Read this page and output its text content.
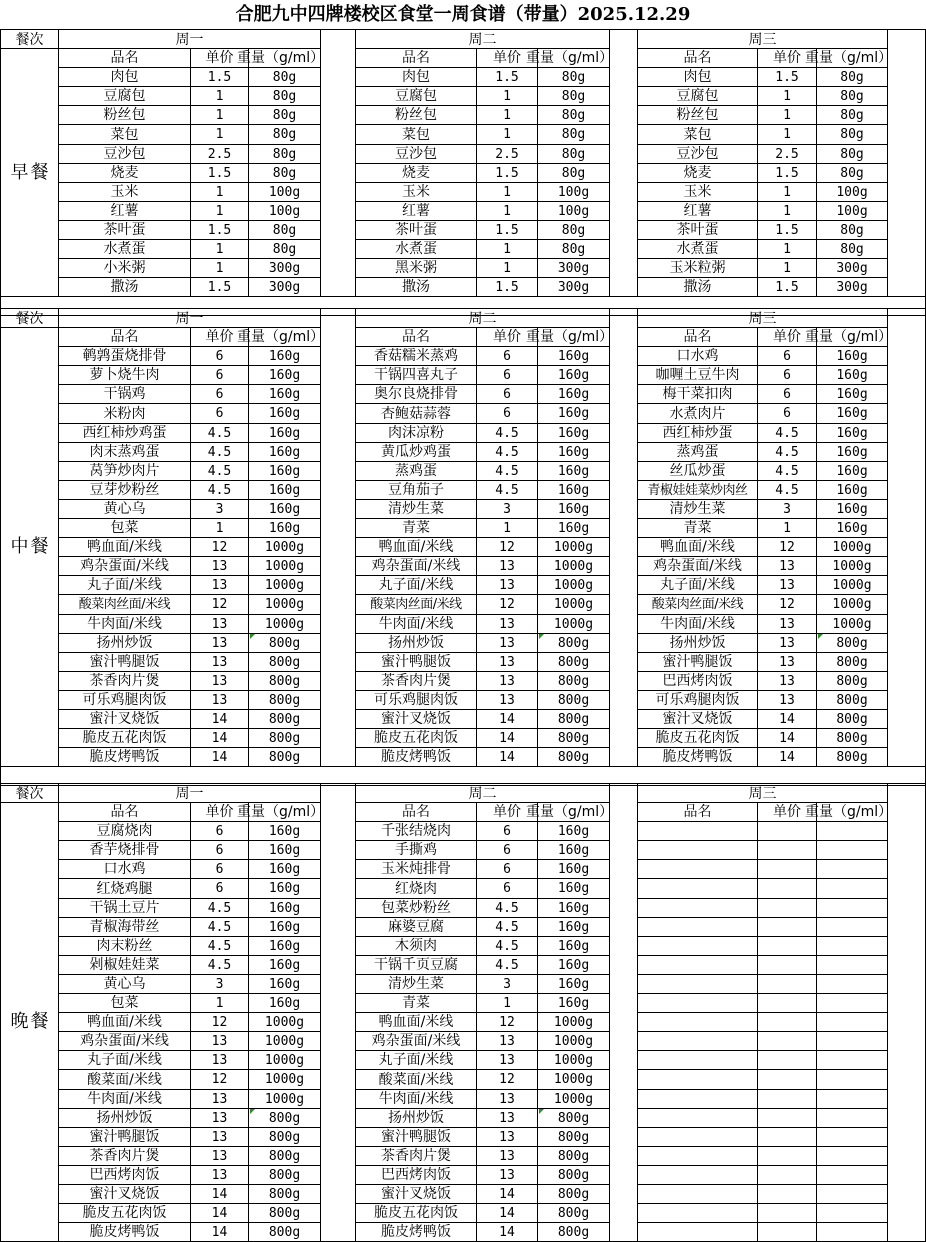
合肥九中四牌楼校区食堂一周食谱（带量）2025.12.29
餐次
早 餐
周一
品名	单价 重量（g/ml）
肉包	1.5	80g
豆腐包	1	80g
粉丝包	1	80g
菜包	1	80g
豆沙包	2.5	80g
烧麦	1.5	80g
玉米	1	100g
红薯	1	100g
茶叶蛋	1.5	80g
水煮蛋	1	80g
小米粥	1	300g
撒汤	1.5	300g
周二
品名	单价 重量（g/ml）
肉包	1.5	80g
豆腐包	1	80g
粉丝包	1	80g
菜包	1	80g
豆沙包	2.5	80g
烧麦	1.5	80g
玉米	1	100g
红薯	1	100g
茶叶蛋	1.5	80g
水煮蛋	1	80g
黑米粥	1	300g
撒汤	1.5	300g
周三
品名	单价 重量（g/ml）
肉包	1.5	80g
豆腐包	1	80g
粉丝包	1	80g
菜包	1	80g
豆沙包	2.5	80g
烧麦	1.5	80g
玉米	1	100g
红薯	1	100g
茶叶蛋	1.5	80g
水煮蛋	1	80g
玉米粒粥	1	300g
撒汤	1.5	300g
餐次
中 餐
周一
品名	单价 重量（g/ml）
鹌鹑蛋烧排骨	6	160g
萝卜烧牛肉	6	160g
干锅鸡	6	160g
米粉肉	6	160g
西红柿炒鸡蛋	4.5	160g
肉末蒸鸡蛋	4.5	160g
莴笋炒肉片	4.5	160g
豆芽炒粉丝	4.5	160g
黄心乌	3	160g
包菜	1	160g
鸭血面/米线	12	1000g
鸡杂蛋面/米线	13	1000g
丸子面/米线	13	1000g
酸菜肉丝面/米线	12	1000g
牛肉面/米线	13	1000g
扬州炒饭	13	800g
蜜汁鸭腿饭	13	800g
茶香肉片煲	13	800g
可乐鸡腿肉饭	13	800g
蜜汁叉烧饭	14	800g
脆皮五花肉饭	14	800g
脆皮烤鸭饭	14	800g
周二
品名	单价 重量（g/ml）
香菇糯米蒸鸡	6	160g
干锅四喜丸子	6	160g
奥尔良烧排骨	6	160g
杏鲍菇蒜蓉	6	160g
肉沫凉粉	4.5	160g
黄瓜炒鸡蛋	4.5	160g
蒸鸡蛋	4.5	160g
豆角茄子	4.5	160g
清炒生菜	3	160g
青菜	1	160g
鸭血面/米线	12	1000g
鸡杂蛋面/米线	13	1000g
丸子面/米线	13	1000g
酸菜肉丝面/米线	12	1000g
牛肉面/米线	13	1000g
扬州炒饭	13	800g
蜜汁鸭腿饭	13	800g
茶香肉片煲	13	800g
可乐鸡腿肉饭	13	800g
蜜汁叉烧饭	14	800g
脆皮五花肉饭	14	800g
脆皮烤鸭饭	14	800g
周三
品名	单价 重量（g/ml）
口水鸡	6	160g
咖喱土豆牛肉	6	160g
梅干菜扣肉	6	160g
水煮肉片	6	160g
西红柿炒蛋	4.5	160g
蒸鸡蛋	4.5	160g
丝瓜炒蛋	4.5	160g
青椒娃娃菜炒肉丝	4.5	160g
清炒生菜	3	160g
青菜	1	160g
鸭血面/米线	12	1000g
鸡杂蛋面/米线	13	1000g
丸子面/米线	13	1000g
酸菜肉丝面/米线	12	1000g
牛肉面/米线	13	1000g
扬州炒饭	13	800g
蜜汁鸭腿饭	13	800g
巴西烤肉饭	13	800g
可乐鸡腿肉饭	13	800g
蜜汁叉烧饭	14	800g
脆皮五花肉饭	14	800g
脆皮烤鸭饭	14	800g
餐次
晚 餐
周一
品名	单价 重量（g/ml）
豆腐烧肉	6	160g
香芋烧排骨	6	160g
口水鸡	6	160g
红烧鸡腿	6	160g
干锅土豆片	4.5	160g
青椒海带丝	4.5	160g
肉末粉丝	4.5	160g
剁椒娃娃菜	4.5	160g
黄心乌	3	160g
包菜	1	160g
鸭血面/米线	12	1000g
鸡杂蛋面/米线	13	1000g
丸子面/米线	13	1000g
酸菜面/米线	12	1000g
牛肉面/米线	13	1000g
扬州炒饭	13	800g
蜜汁鸭腿饭	13	800g
茶香肉片煲	13	800g
巴西烤肉饭	13	800g
蜜汁叉烧饭	14	800g
脆皮五花肉饭	14	800g
脆皮烤鸭饭	14	800g
周二
品名	单价 重量（g/ml）
千张结烧肉	6	160g
手撕鸡	6	160g
玉米炖排骨	6	160g
红烧肉	6	160g
包菜炒粉丝	4.5	160g
麻婆豆腐	4.5	160g
木须肉	4.5	160g
干锅千页豆腐	4.5	160g
清炒生菜	3	160g
青菜	1	160g
鸭血面/米线	12	1000g
鸡杂蛋面/米线	13	1000g
丸子面/米线	13	1000g
酸菜面/米线	12	1000g
牛肉面/米线	13	1000g
扬州炒饭	13	800g
蜜汁鸭腿饭	13	800g
茶香肉片煲	13	800g
巴西烤肉饭	13	800g
蜜汁叉烧饭	14	800g
脆皮五花肉饭	14	800g
脆皮烤鸭饭	14	800g
周三
品名	单价 重量（g/ml）
